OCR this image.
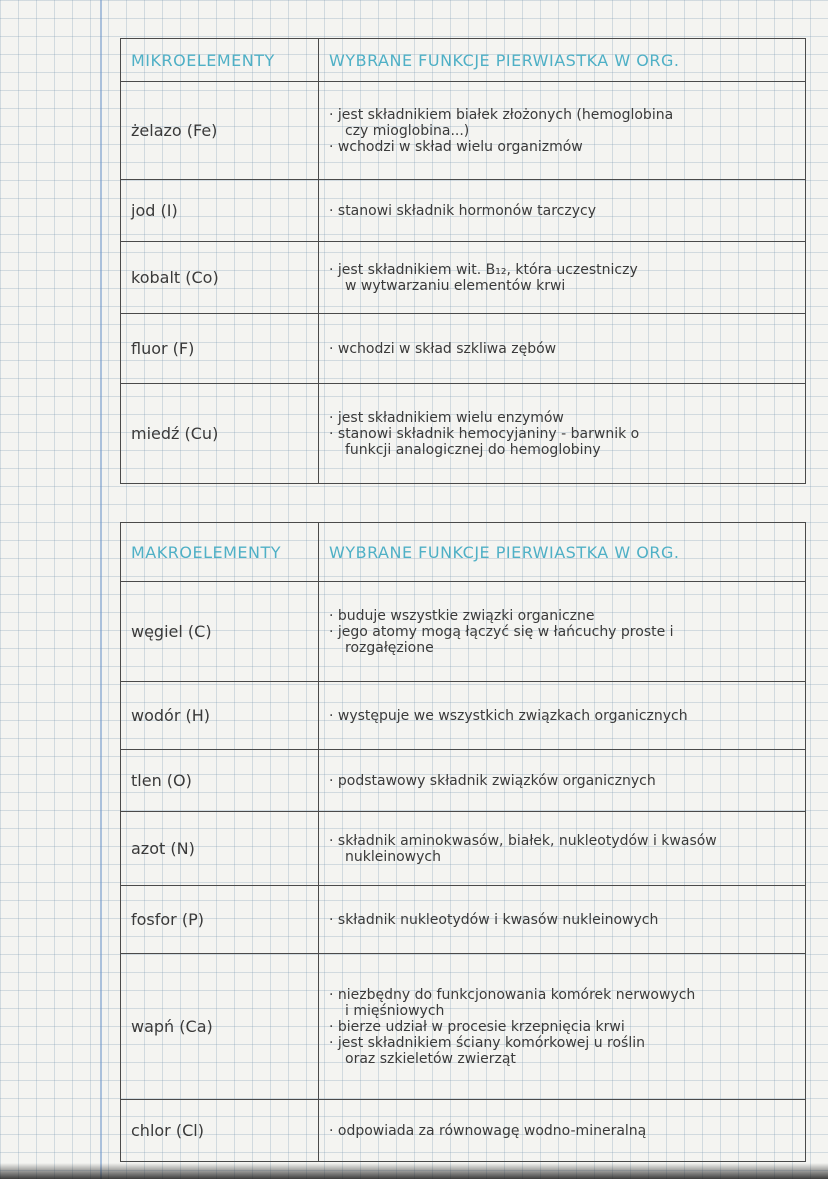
MIKROELEMENTY	WYBRANE FUNKCJE PIERWIASTKA W ORG.
żelazo (Fe)	· jest składnikiem białek złożonych (hemoglobina
czy mioglobina...)
· wchodzi w skład wielu organizmów

jod (I)	· stanowi składnik hormonów tarczycy

kobalt (Co)	· jest składnikiem wit. B₁₂, która uczestniczy
w wytwarzaniu elementów krwi

fluor (F)	· wchodzi w skład szkliwa zębów

miedź (Cu)	· jest składnikiem wielu enzymów
· stanowi składnik hemocyjaniny - barwnik o
funkcji analogicznej do hemoglobiny
MAKROELEMENTY	WYBRANE FUNKCJE PIERWIASTKA W ORG.
węgiel (C)	· buduje wszystkie związki organiczne
· jego atomy mogą łączyć się w łańcuchy proste i
rozgałęzione

wodór (H)	· występuje we wszystkich związkach organicznych

tlen (O)	· podstawowy składnik związków organicznych

azot (N)	· składnik aminokwasów, białek, nukleotydów i kwasów
nukleinowych

fosfor (P)	· składnik nukleotydów i kwasów nukleinowych

wapń (Ca)	· niezbędny do funkcjonowania komórek nerwowych
i mięśniowych
· bierze udział w procesie krzepnięcia krwi
· jest składnikiem ściany komórkowej u roślin
oraz szkieletów zwierząt

chlor (Cl)	· odpowiada za równowagę wodno-mineralną
